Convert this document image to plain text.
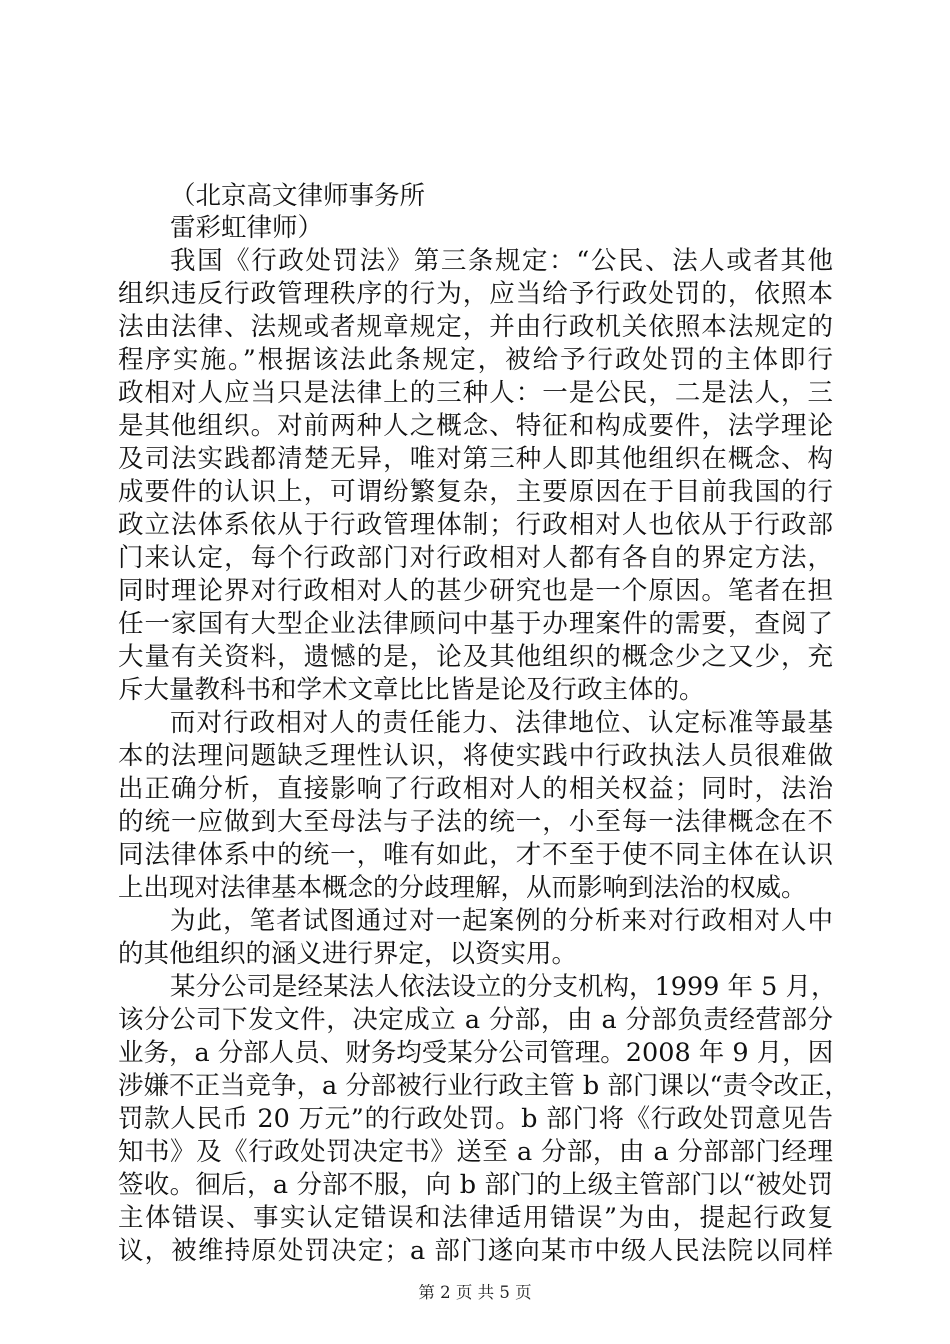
（北京高文律师事务所
雷彩虹律师）
我国《行政处罚法》第三条规定：“公民、法人或者其他
组织违反行政管理秩序的行为，应当给予行政处罚的，依照本
法由法律、法规或者规章规定，并由行政机关依照本法规定的
程序实施。”根据该法此条规定，被给予行政处罚的主体即行
政相对人应当只是法律上的三种人：一是公民，二是法人，三
是其他组织。对前两种人之概念、特征和构成要件，法学理论
及司法实践都清楚无异，唯对第三种人即其他组织在概念、构
成要件的认识上，可谓纷繁复杂，主要原因在于目前我国的行
政立法体系依从于行政管理体制；行政相对人也依从于行政部
门来认定，每个行政部门对行政相对人都有各自的界定方法，
同时理论界对行政相对人的甚少研究也是一个原因。笔者在担
任一家国有大型企业法律顾问中基于办理案件的需要，查阅了
大量有关资料，遗憾的是，论及其他组织的概念少之又少，充
斥大量教科书和学术文章比比皆是论及行政主体的。
而对行政相对人的责任能力、法律地位、认定标准等最基
本的法理问题缺乏理性认识，将使实践中行政执法人员很难做
出正确分析，直接影响了行政相对人的相关权益；同时，法治
的统一应做到大至母法与子法的统一，小至每一法律概念在不
同法律体系中的统一，唯有如此，才不至于使不同主体在认识
上出现对法律基本概念的分歧理解，从而影响到法治的权威。
为此，笔者试图通过对一起案例的分析来对行政相对人中
的其他组织的涵义进行界定，以资实用。
某分公司是经某法人依法设立的分支机构，1999 年 5 月，
该分公司下发文件，决定成立 a 分部，由 a 分部负责经营部分
业务，a 分部人员、财务均受某分公司管理。2008 年 9 月，因
涉嫌不正当竞争，a 分部被行业行政主管 b 部门课以“责令改正，
罚款人民币 20 万元”的行政处罚。b 部门将《行政处罚意见告
知书》及《行政处罚决定书》送至 a 分部，由 a 分部部门经理
签收。徊后，a 分部不服，向 b 部门的上级主管部门以“被处罚
主体错误、事实认定错误和法律适用错误”为由，提起行政复
议，被维持原处罚决定；a 部门遂向某市中级人民法院以同样
第 2 页 共 5 页
